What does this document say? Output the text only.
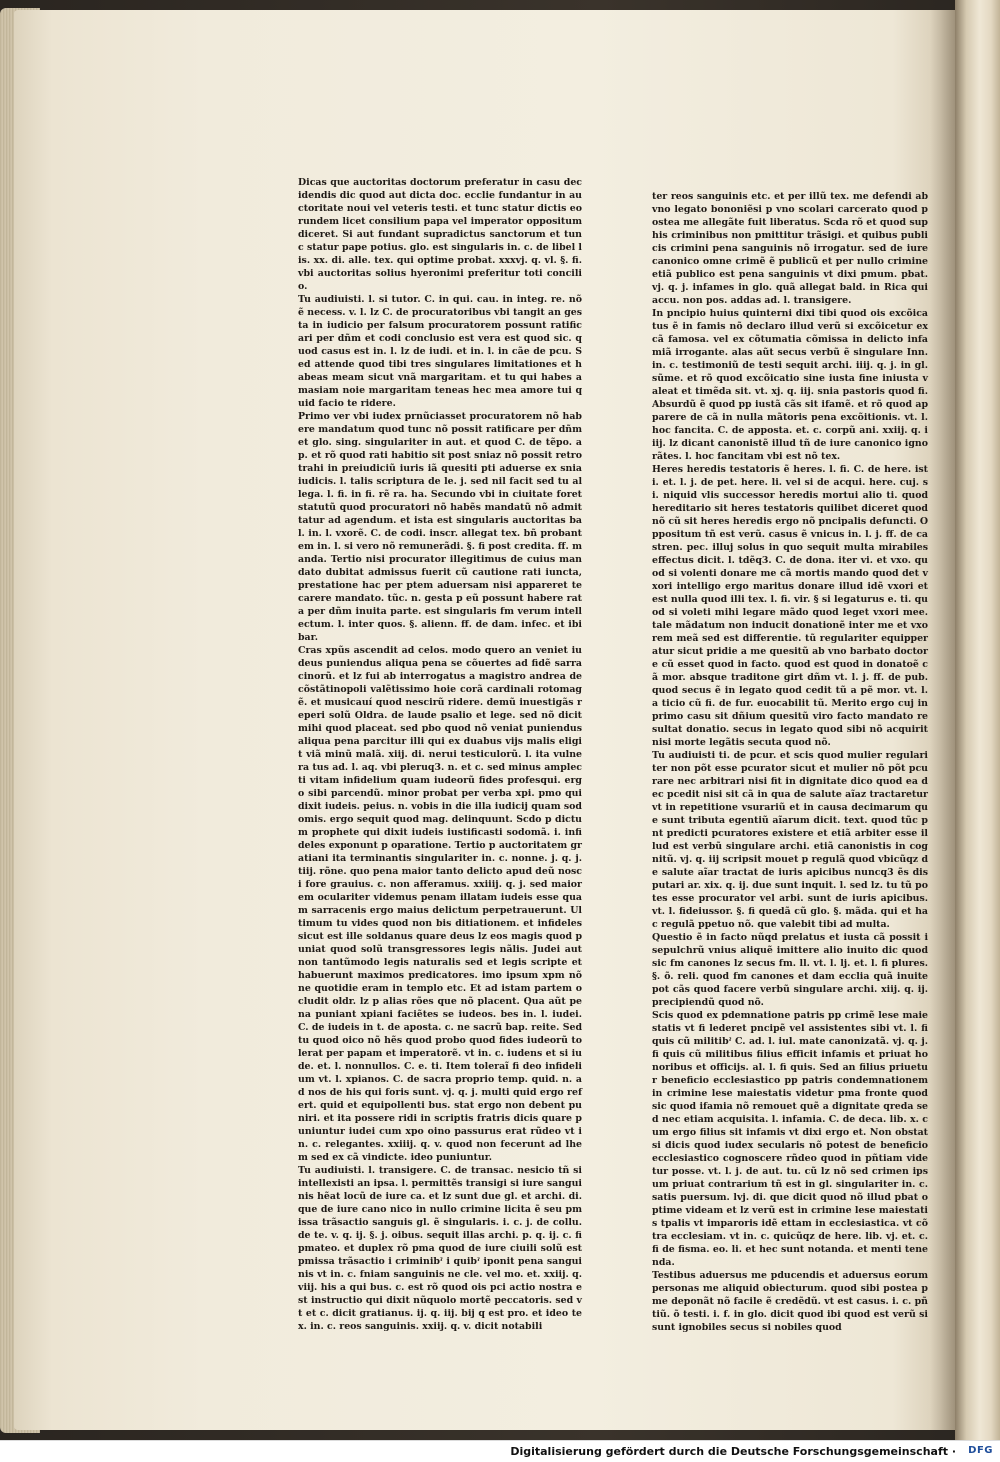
Dicas que auctoritas doctorum preferatur in casu decidendis dic quod aut dicta doc. ecclie fundantur in auctoritate noui vel veteris testi. et tunc statur dictis eorundem licet consilium papa vel imperator oppositum diceret. Si aut fundant supradictus sanctorum et tunc statur pape potius. glo. est singularis in. c. de libel lis. xx. di. alle. tex. qui optime probat. xxxvj. q. vl. §. fi. vbi auctoritas solius hyeronimi preferitur toti concilio.
Tu audiuisti. l. si tutor. C. in qui. cau. in integ. re. nõ ẽ necess. v. l. lz C. de procuratoribus vbi tangit an gesta in iudicio per falsum procuratorem possunt ratificari per dñm et codi conclusio est vera est quod sic. quod casus est in. l. lz de iudi. et in. l. in cãe de pcu. Sed attende quod tibi tres singulares limitationes et habeas meam sicut vnã margaritam. et tu qui habes amasiam noie margaritam teneas hec mea amore tui quid facio te ridere.
Primo ver vbi iudex prnũciasset procuratorem nõ habere mandatum quod tunc nõ possit ratificare per dñm et glo. sing. singulariter in aut. et quod C. de tẽpo. ap. et rõ quod rati habitio sit post sniaz nõ possit retro trahi in preiudiciũ iuris iã quesiti pti aduerse ex snia iudicis. l. talis scriptura de le. j. sed nil facit sed tu allega. l. fi. in fi. rẽ ra. ha. Secundo vbi in ciuitate foret statutũ quod procuratori nõ habẽs mandatũ nõ admittatur ad agendum. et ista est singularis auctoritas bal. in. l. vxorẽ. C. de codi. inscr. allegat tex. bñ probantem in. l. si vero nõ remunerãdi. §. fi post credita. ff. manda. Tertio nisi procurator illegitimus de cuius mandato dubitat admissus fuerit cũ cautione rati iuncta, prestatione hac per ptem aduersam nisi appareret te carere mandato. tũc. n. gesta p eũ possunt habere rata per dñm inuita parte. est singularis fm verum intellectum. l. inter quos. §. alienn. ff. de dam. infec. et ibi bar.
Cras xpũs ascendit ad celos. modo quero an veniet iudeus puniendus aliqua pena se cõuertes ad fidẽ sarracinorũ. et lz fui ab interrogatus a magistro andrea de cõstãtinopoli valẽtissimo hoie corã cardinali rotomagẽ. et musicauí quod nescirũ ridere. demũ inuestigãs reperi solũ Oldra. de laude psalio et lege. sed nõ dicit mihi quod placeat. sed pbo quod nõ veniat puniendus aliqua pena parcitur illi qui ex duabus vijs malis eligit viã minũ malã. xiij. di. nerui testiculorũ. l. ita vulnera tus ad. l. aq. vbi pleruq3. n. et c. sed minus amplecti vitam infidelium quam iudeorũ fides profesqui. ergo sibi parcendũ. minor probat per verba xpi. pmo qui dixit iudeis. peius. n. vobis in die illa iudicij quam sodomis. ergo sequit quod mag. delinquunt. Scdo p dictum prophete qui dixit iudeis iustificasti sodomã. i. infideles exponunt p oparatione. Tertio p auctoritatem gratiani ita terminantis singulariter in. c. nonne. j. q. j. tiij. rõne. quo pena maior tanto delicto apud deũ nosci fore grauius. c. non afferamus. xxiiij. q. j. sed maiorem oculariter videmus penam illatam iudeis esse quam sarracenis ergo maius delictum perpetrauerunt. Ultimum tu vides quod non bis ditiationem. et infideles sicut est ille soldanus quare deus lz eos magis quod puniat quod solũ transgressores legis nãlis. Judei aut non tantũmodo legis naturalis sed et legis scripte et habuerunt maximos predicatores. imo ipsum xpm nõne quotidie eram in templo etc. Et ad istam partem ocludit oldr. lz p alias rões que nõ placent. Qua aũt pena puniant xpiani faciẽtes se iudeos. bes in. l. iudei. C. de iudeis in t. de aposta. c. ne sacrũ bap. reite. Sed tu quod oico nõ hẽs quod probo quod fides iudeorũ tolerat per papam et imperatorẽ. vt in. c. iudens et si iude. et. l. nonnullos. C. e. ti. Item toleraĩ fi deo infidelium vt. l. xpianos. C. de sacra proprio temp. quid. n. ad nos de his qui foris sunt. vj. q. j. multi quid ergo refert. quid et equipollenti bus. stat ergo non debent puniri. et ita possere ridi in scriptis fratris dicis quare puniuntur iudei cum xpo oino passurus erat rũdeo vt in. c. relegantes. xxiiij. q. v. quod non fecerunt ad lhem sed ex cã vindicte. ideo puniuntur.
Tu audiuisti. l. transigere. C. de transac. nesicio tñ si intellexisti an ipsa. l. permittẽs transigi si iure sanguinis hẽat locũ de iure ca. et lz sunt due gl. et archi. di. que de iure cano nico in nullo crimine licita ẽ seu pmissa trãsactio sanguis gl. ẽ singularis. i. c. j. de collu. de te. v. q. ij. §. j. oibus. sequit illas archi. p. q. ij. c. fi pmateo. et duplex rõ pma quod de iure ciuili solũ est pmissa trãsactio i criminibˀ i quibˀ iponit pena sanguinis vt in. c. fniam sanguinis ne cle. vel mo. et. xxiij. q. viij. his a qui bus. c. est rõ quod ois pci actio nostra est instructio qui dixit nũquolo mortẽ peccatoris. sed vt et c. dicit gratianus. ij. q. iij. bij q est pro. et ideo tex. in. c. reos sanguinis. xxiij. q. v. dicit notabili
ter reos sanguinis etc. et per illũ tex. me defendi ab vno legato bononiẽsi p vno scolari carcerato quod postea me allegãte fuit liberatus. Scda rõ et quod sup his criminibus non pmittitur trãsigi. et quibus publicis crimini pena sanguinis nõ irrogatur. sed de iure canonico omne crimẽ ẽ publicũ et per nullo crimine etiã publico est pena sanguinis vt dixi pmum. pbat. vj. q. j. infames in glo. quã allegat bald. in Rica qui accu. non pos. addas ad. l. transigere.
In pncipio huius quinterni dixi tibi quod ois excõicatus ẽ in famis nõ declaro illud verũ si excõicetur ex cã famosa. vel ex cõtumatia cõmissa in delicto infamiã irrogante. alas aũt secus verbũ ẽ singulare Inn. in. c. testimoniũ de testi sequit archi. iiij. q. j. in gl. sũme. et rõ quod excõicatio sine iusta fine iniusta valeat et timẽda sit. vt. xj. q. iij. snia pastoris quod fi. Absurdũ ẽ quod pp iustã cãs sit ifamẽ. et rõ quod apparere de cã in nulla mãtoris pena excõitionis. vt. l. hoc fancita. C. de apposta. et. c. corpũ ani. xxiij. q. iiij. lz dicant canonistẽ illud tñ de iure canonico ignorãtes. l. hoc fancitam vbi est nõ tex.
Heres heredis testatoris ẽ heres. l. fi. C. de here. isti. et. l. j. de pet. here. li. vel si de acqui. here. cuj. si. niquid vlis successor heredis mortui alio ti. quod hereditario sit heres testatoris quilibet diceret quod nõ cũ sit heres heredis ergo nõ pncipalis defuncti. Oppositum tñ est verũ. casus ẽ vnicus in. l. j. ff. de castren. pec. illuj solus in quo sequit multa mirabiles effectus dicit. l. tdẽq3. C. de dona. iter vi. et vxo. quod si volenti donare me cã mortis mando quod det vxori intelligo ergo maritus donare illud idẽ vxori et est nulla quod illi tex. l. fi. vir. § si legaturus e. ti. quod si voleti mihi legare mãdo quod leget vxori mee. tale mãdatum non inducit donationẽ inter me et vxorem meã sed est differentie. tũ regulariter equipperatur sicut pridie a me quesitũ ab vno barbato doctore cũ esset quod in facto. quod est quod in donatoẽ cã mor. absque traditone girt dñm vt. l. j. ff. de pub. quod secus ẽ in legato quod cedit tũ a pẽ mor. vt. l. a ticio cũ fi. de fur. euocabilit tũ. Merito ergo cuj in primo casu sit dñium quesitũ viro facto mandato resultat donatio. secus in legato quod sibi nõ acquirit nisi morte legãtis secuta quod nõ.
Tu audiuisti ti. de pcur. et scis quod mulier regulariter non põt esse pcurator sicut et mulier nõ põt pcurare nec arbitrari nisi fit in dignitate dico quod ea dec pcedit nisi sit cã in qua de salute aĩaz tractaretur vt in repetitione vsurariũ et in causa decimarum que sunt tributa egentiũ aĩarum dicit. text. quod tũc pnt predicti pcuratores existere et etiã arbiter esse illud est verbũ singulare archi. etiã canonistis in cognitũ. vj. q. iij scripsit mouet p regulã quod vbicũqz de salute aĩar tractat de iuris apicibus nuncq3 ẽs disputari ar. xix. q. ij. due sunt inquit. l. sed lz. tu tũ potes esse procurator vel arbi. sunt de iuris apicibus. vt. l. fideiussor. §. fi quedã cũ glo. §. mãda. qui et hac regulã ppetuo nõ. que valebit tibi ad multa.
Questio ẽ in facto nũqd prelatus et iusta cã possit i sepulchrũ vnius aliquẽ imittere alio inuito dic quod sic fm canones lz secus fm. ll. vt. l. lj. et. l. fi plures. §. õ. reli. quod fm canones et dam ecclia quã inuite pot cãs quod facere verbũ singulare archi. xiij. q. ij. precipiendũ quod nõ.
Scis quod ex pdemnatione patris pp crimẽ lese maiestatis vt fi lederet pncipẽ vel assistentes sibi vt. l. fi quis cũ militibˀ C. ad. l. iul. mate canonizatã. vj. q. j. fi quis cũ militibus filius efficit infamis et priuat honoribus et officijs. al. l. fi quis. Sed an filius priuetur beneficio ecclesiastico pp patris condemnationem in crimine lese maiestatis videtur pma fronte quod sic quod ifamia nõ remouet quẽ a dignitate qreda sed nec etiam acquisita. l. infamia. C. de deca. lib. x. cum ergo filius sit infamis vt dixi ergo et. Non obstat si dicis quod iudex secularis nõ potest de beneficio ecclesiastico cognoscere rñdeo quod in pñtiam videtur posse. vt. l. j. de aut. tu. cũ lz nõ sed crimen ipsum priuat contrarium tñ est in gl. singulariter in. c. satis puersum. lvj. di. que dicit quod nõ illud pbat optime videam et lz verũ est in crimine lese maiestatis tpalis vt imparoris idẽ ettam in ecclesiastica. vt cõtra ecclesiam. vt in. c. quicũqz de here. lib. vj. et. c. fi de fisma. eo. li. et hec sunt notanda. et menti tenenda.
Testibus aduersus me pducendis et aduersus eorum personas me aliquid obiecturum. quod sibi postea pme deponãt nõ facile ẽ credẽdũ. vt est casus. i. c. pñtiũ. õ testi. i. f. in glo. dicit quod ibi quod est verũ si sunt ignobiles secus si nobiles quod
Digitalisierung gefördert durch die Deutsche Forschungsgemeinschaft ·	DFG
